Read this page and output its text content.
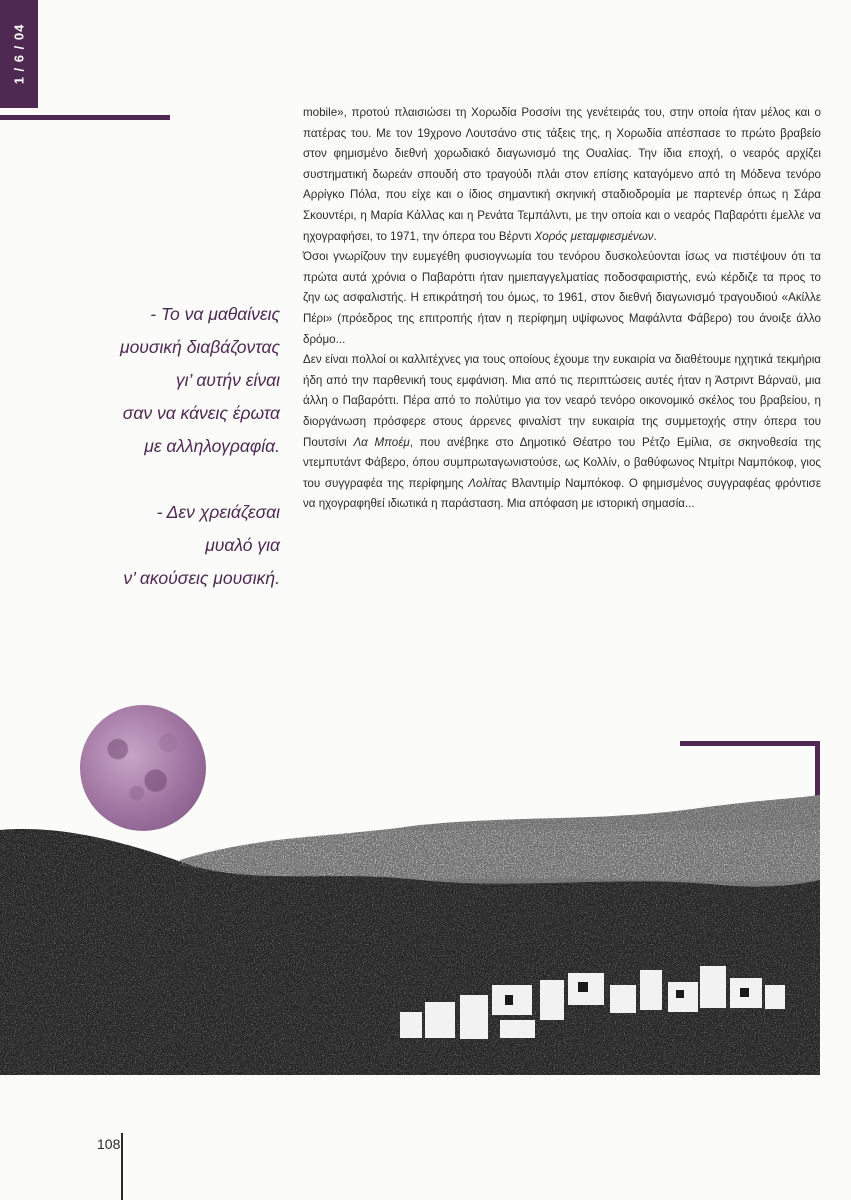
1 / 6 / 04
- Το να μαθαίνεις
μουσική διαβάζοντας
γι’ αυτήν είναι
σαν να κάνεις έρωτα
με αλληλογραφία.
- Δεν χρειάζεσαι
μυαλό για
ν’ ακούσεις μουσική.

mobile», προτού πλαισιώσει τη Χορωδία Ροσσίνι της γενέτειράς του, στην οποία ήταν μέλος και ο πατέρας του. Με τον 19χρονο Λουτσάνο στις τάξεις της, η Χορωδία απέσπασε το πρώτο βραβείο στον φημισμένο διεθνή χορωδιακό διαγωνισμό της Ουαλίας. Την ίδια εποχή, ο νεαρός αρχίζει συστηματική δωρεάν σπουδή στο τραγούδι πλάι στον επίσης καταγόμενο από τη Μόδενα τενόρο Αρρίγκο Πόλα, που είχε και ο ίδιος σημαντική σκηνική σταδιοδρομία με παρτενέρ όπως η Σάρα Σκουντέρι, η Μαρία Κάλλας και η Ρενάτα Τεμπάλντι, με την οποία και ο νεαρός Παβαρόττι έμελλε να ηχογραφήσει, το 1971, την όπερα του Βέρντι Χορός μεταμφιεσμένων.

Όσοι γνωρίζουν την ευμεγέθη φυσιογνωμία του τενόρου δυσκολεύονται ίσως να πιστέψουν ότι τα πρώτα αυτά χρόνια ο Παβαρόττι ήταν ημιεπαγγελματίας ποδοσφαιριστής, ενώ κέρδιζε τα προς το ζην ως ασφαλιστής. Η επικράτησή του όμως, το 1961, στον διεθνή διαγωνισμό τραγουδιού «Ακίλλε Πέρι» (πρόεδρος της επιτροπής ήταν η περίφημη υψίφωνος Μαφάλντα Φάβερο) του άνοιξε άλλο δρόμο...

Δεν είναι πολλοί οι καλλιτέχνες για τους οποίους έχουμε την ευκαιρία να διαθέτουμε ηχητικά τεκμήρια ήδη από την παρθενική τους εμφάνιση. Μια από τις περιπτώσεις αυτές ήταν η Άστριντ Βάρναϋ, μια άλλη ο Παβαρόττι. Πέρα από το πολύτιμο για τον νεαρό τενόρο οικονομικό σκέλος του βραβείου, η διοργάνωση πρόσφερε στους άρρενες φιναλίστ την ευκαιρία της συμμετοχής στην όπερα του Πουτσίνι Λα Μποέμ, που ανέβηκε στο Δημοτικό Θέατρο του Ρέτζο Εμίλια, σε σκηνοθεσία της ντεμπυτάντ Φάβερο, όπου συμπρωταγωνιστούσε, ως Κολλίν, ο βαθύφωνος Ντμίτρι Ναμπόκοφ, γιος του συγγραφέα της περίφημης Λολίτας Βλαντιμίρ Ναμπόκοφ. Ο φημισμένος συγγραφέας φρόντισε να ηχογραφηθεί ιδιωτικά η παράσταση. Μια απόφαση με ιστορική σημασία...

108
